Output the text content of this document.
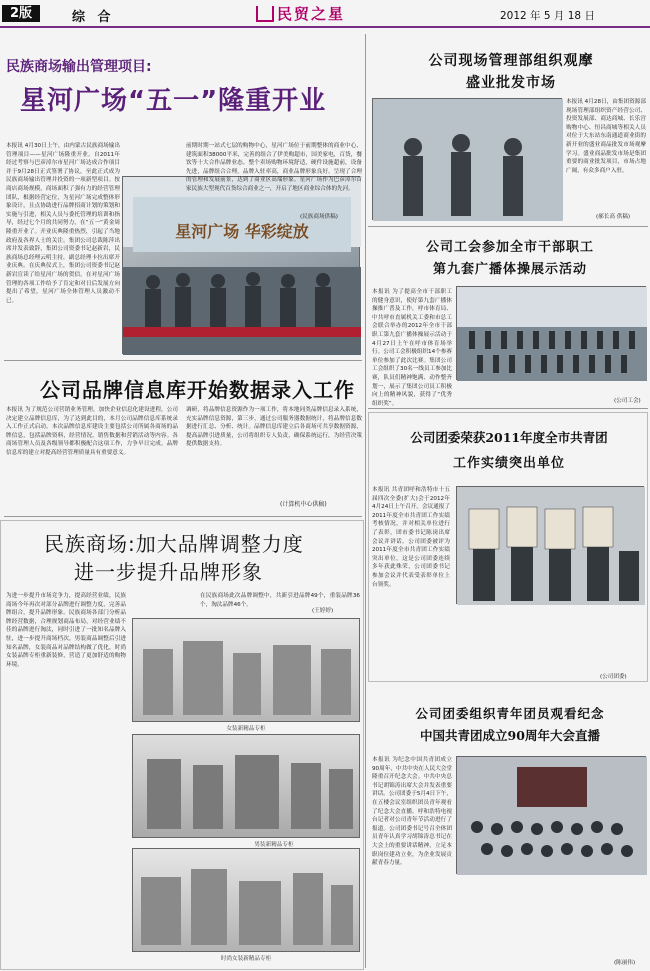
2版	综 合	民贸之星	2012 年 5 月 18 日
民族商场输出管理项目:
星河广场“五一”隆重开业
本报讯 4月30日上午，由内蒙古民族商场输出管理项目——星河广场隆重开业。自2011年经过考察与巴彦淖尔市星河广场达成合作项目并于9月28日正式签署了协议，至此正式成为民族商场输出管理并投资的一项新型项目。按商店商场规模，商场面积了强有力的经营管理团队，根据经营定位，为星河广场完成整体形象设计，且点协助进行品牌招商计划的策划和实施与引进，相关人员与委托管理的培训和指导，经过七个月的共同努力，在“五一”黄金周隆重开业了。开业庆典隆重热烈，引起了当地政府及各界人士的关注。集团公司总裁陈萍出席并发表致辞，集团公司资委书记赵新岩，民族商场总经理云明主持，副总经理卡拉出席开业庆典。在庆典仪式上，集团公司资委书记赵新岩宣读了给星河广场的贺信，在对星河广场管理的各项工作给予了肯定和对日后发展方向提出了希望，星河广场全体管理人员激动不已。
星河广场 华彩绽放
前期时期一站式七层的购物中心，星河广场位于前期整体的商业中心，建筑面积38000平米，完善的组合了伊美购超市，国美家电，百货，餐饮等十大合作品牌业态。整个卖场购物环境舒适，硬件设施超前，设备先进，品牌组合合理，品牌入驻率高，商业品牌形象良好。呈现了合理的管理和发展前景，达到了商业区高端形象。星河广场作为巴彦淖尔首家民族大型现代百货综合商业之一，开启了地区商业综合体的先河。
公司品牌信息库开始数据录入工作
本报讯 为了规范公司营销业务管理，加快企业信息化建设进程，公司决定建立品牌信息库，为了达到此目的，本月公司品牌信息库系统录入工作正式启动。本次品牌信息库建设主要包括公司所属各商场的品牌信息，包括品牌资料，经营情况，销售数据和营销活动等内容。各商场管理人员及各级领导都积极配合这项工作，力争早日完成。品牌信息库的建立对提高经营管理质量具有重要意义。
调研，将品牌信息资源作为一项工作，将本地同类品牌信息录入系统，充实品牌信息资源，第三步，通过公司服务器数据统计，将品牌信息数据进行汇总、分析、统计。品牌信息库建立后各商场可共享数据资源，提高品牌引进质量，公司将组织专人负责，确保系统运行，为经营决策提供数据支持。
(计算机中心供稿)
民族商场:加大品牌调整力度
进一步提升品牌形象
为进一步提升市场竞争力，提高经营业绩，民族商场今年再次对部分品牌进行调整力度，完善品牌组合，提升品牌形象。民族商场各部门分析品牌经营数据，合理规划商品布局，对经营业绩不佳的品牌进行淘汰，同时引进了一批知名品牌入驻，进一步提升商场档次。男装商品调整后引进知名品牌，女装商品对品牌结构做了优化，时尚女装品牌专柜重新装修，营造了更加舒适的购物环境。
在民族商场此次品牌调整中，共新引进品牌49个，重装品牌36个，淘汰品牌46个。
(王婷婷)
女装新精品专柜
男装新精品专柜
时尚女装新精品专柜
公司现场管理部组织观摩
盛业批发市场
本报讯 4月28日，由集团资源部现场管理部组织资产经营公司、投资发展部、商达商城、长乐宫购物中心、恒昌商城等相关人员对位于大东站东南通道商业街的新开业的盛业商品批发市场观摩学习。盛业商品批发市场是集团重要的商业批发项目，市场占地广阔，有众多商户入驻。
(郝长高 供稿)
公司工会参加全市干部职工
第九套广播体操展示活动
本报讯 为了提高全市干部职工的健身意识，使好第九套广播体操推广普及工作，呼市体育局、中共呼市直属机关工委和市总工会联合举办的2012年全市干部职工第九套广播体操展示活动于4月27日上午在呼市体育场举行。公司工会积极组织14个参赛单位参加了此次比赛。集团公司工会组织了30名一线员工参加比赛，队员们精神饱满、动作整齐划一，展示了集团公司员工积极向上的精神风貌，获得了“优秀组织奖”。	(公司工会)
公司团委荣获2011年度全市共青团
工作实绩突出单位
本报讯 共青团呼和浩特市十五届四次全委(扩大)会于2012年4月24日上午召开。会议通报了2011年度全市共青团工作实绩考核情况，并对相关单位进行了表彰，团市委书记陈岗出席会议并讲话。公司团委被评为2011年度全市共青团工作实绩突出单位，这是公司团委连续多年获此殊荣，公司团委书记参加会议并代表受表彰单位上台领奖。
(公司团委)
公司团委组织青年团员观看纪念
中国共青团成立90周年大会直播
本报讯 为纪念中国共青团成立90周年，中共中央在人民大会堂隆重召开纪念大会。中共中央总书记胡锦涛出席大会并发表重要讲话。公司团委于5月4日下午，在五楼会议室组织团员青年观看了纪念大会直播。呼和浩特电视台记者对公司青年节活动进行了报道。公司团委书记号召全体团员青年认真学习胡锦涛总书记在大会上的重要讲话精神，立足本职岗位建功立业，为企业发展贡献青春力量。
(陈丽伟)
(民族商场供稿)
